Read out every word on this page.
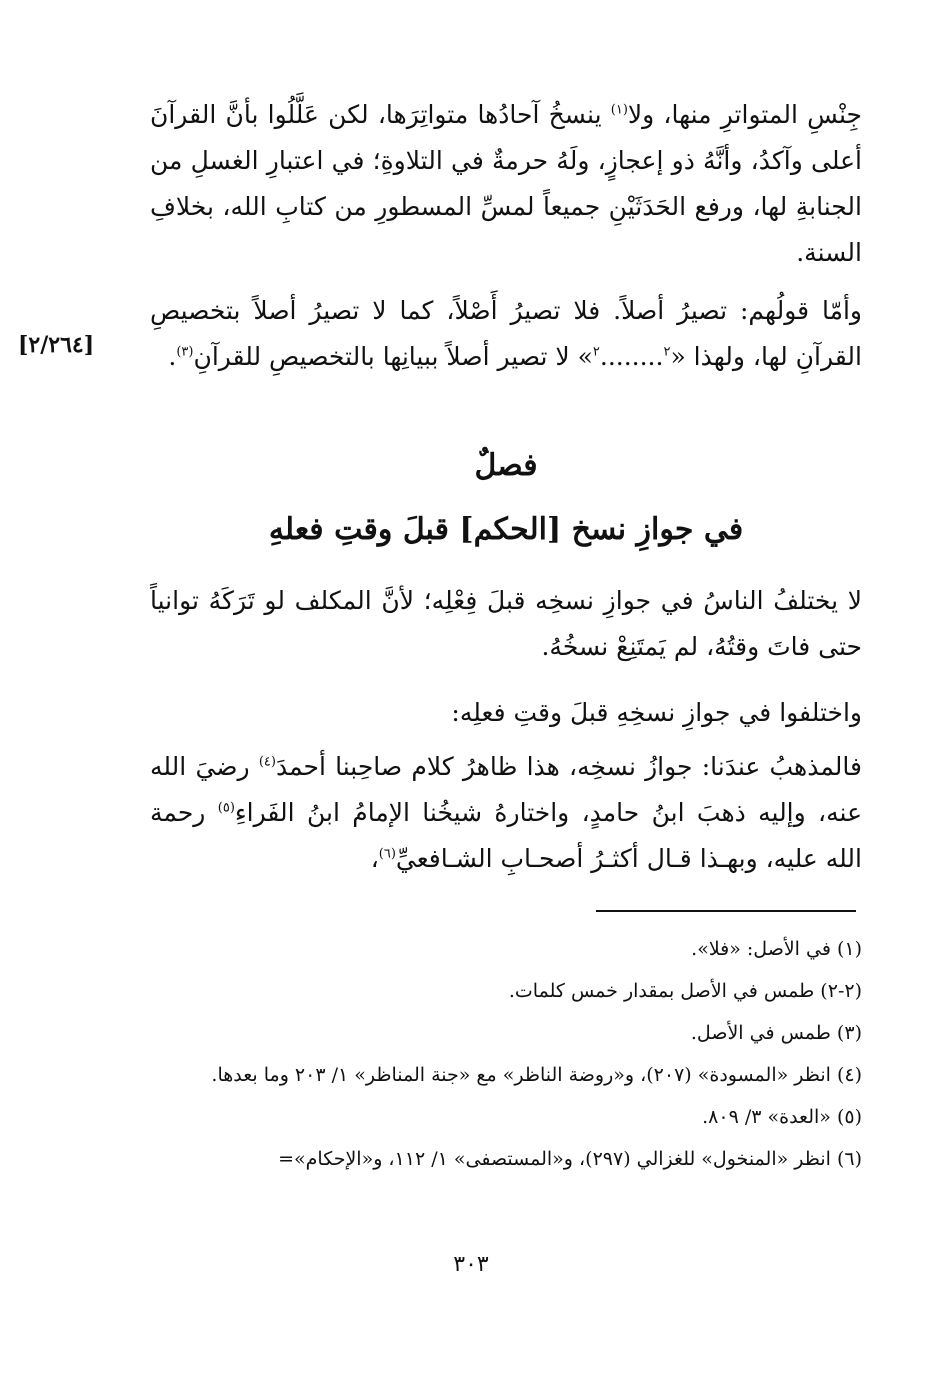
جِنْسِ المتواترِ منها، ولا$^{(١)}$ ينسخُ آحادُها متواتِرَها، لكن عَلَّلُوا بأنَّ القرآنَ أعلى وآكدُ، وأنَّهُ ذو إعجازٍ، ولَهُ حرمةٌ في التلاوةِ؛ في اعتبارِ الغسلِ من الجنابةِ لها، ورفع الحَدَثَيْنِ جميعاً لمسِّ المسطورِ من كتابِ الله، بخلافِ السنة.

[٢/٢٦٤]

وأمّا قولُهم: تصيرُ أصلاً. فلا تصيرُ أَصْلاً، كما لا تصيرُ أصلاً بتخصيصِ القرآنِ لها، ولهذا «$^٢$........$^٢$» لا تصير أصلاً ببيانِها بالتخصيصِ للقرآنِ$^{(٣)}$.

فصلٌ
في جوازِ نسخ [الحكم] قبلَ وقتِ فعلهِ

لا يختلفُ الناسُ في جوازِ نسخِه قبلَ فِعْلِه؛ لأنَّ المكلف لو تَرَكَهُ توانياً حتى فاتَ وقتُهُ، لم يَمتَنِعْ نسخُهُ.

واختلفوا في جوازِ نسخِهِ قبلَ وقتِ فعلِه:

فالمذهبُ عندَنا: جوازُ نسخِه، هذا ظاهرُ كلام صاحِبنا أحمدَ$^{(٤)}$ رضيَ الله عنه، وإليه ذهبَ ابنُ حامدٍ، واختارهُ شيخُنا الإمامُ ابنُ الفَراءِ$^{(٥)}$ رحمة الله عليه، وبهـذا قـال أكثـرُ أصحـابِ الشـافعيِّ$^{(٦)}$،

(١) في الأصل: «فلا».

(٢-٢) طمس في الأصل بمقدار خمس كلمات.

(٣) طمس في الأصل.

(٤) انظر «المسودة» (٢٠٧)، و«روضة الناظر» مع «جنة المناظر» ١/ ٢٠٣ وما بعدها.

(٥) «العدة» ٣/ ٨٠٩.

(٦) انظر «المنخول» للغزالي (٢٩٧)، و«المستصفى» ١/ ١١٢، و«الإحكام»=

٣٠٣
